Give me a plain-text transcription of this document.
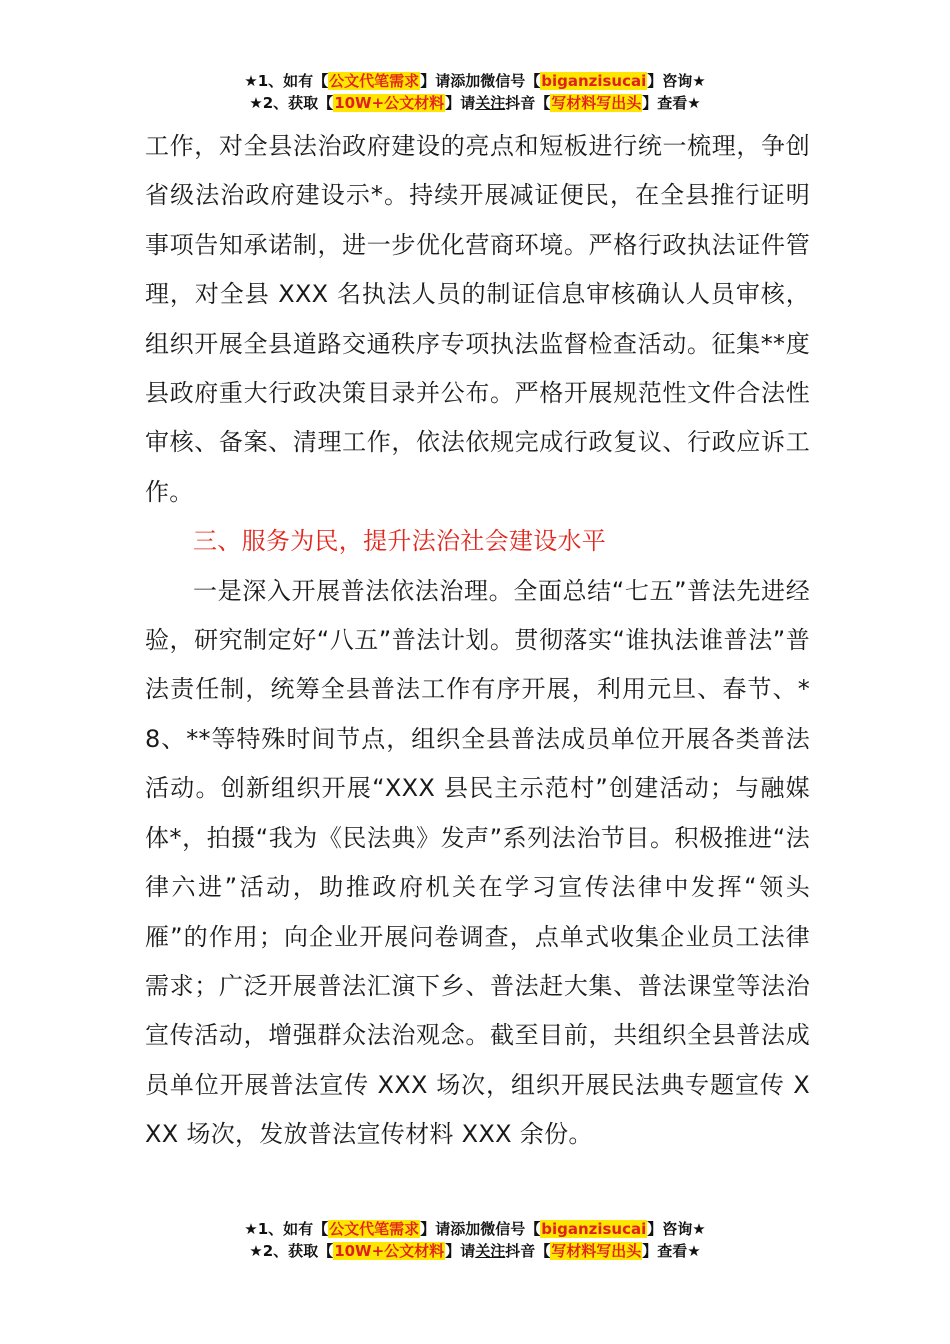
★1、如有【公文代笔需求】请添加微信号【biganzisucai】咨询★
★2、获取【10W+公文材料】请关注抖音【写材料写出头】查看★

工作，对全县法治政府建设的亮点和短板进行统一梳理，争创省级法治政府建设示*。持续开展减证便民，在全县推行证明事项告知承诺制，进一步优化营商环境。严格行政执法证件管理，对全县 XXX 名执法人员的制证信息审核确认人员审核，组织开展全县道路交通秩序专项执法监督检查活动。征集**度县政府重大行政决策目录并公布。严格开展规范性文件合法性审核、备案、清理工作，依法依规完成行政复议、行政应诉工作。

三、服务为民，提升法治社会建设水平

一是深入开展普法依法治理。全面总结“七五”普法先进经验，研究制定好“八五”普法计划。贯彻落实“谁执法谁普法”普法责任制，统筹全县普法工作有序开展，利用元旦、春节、*8、**等特殊时间节点，组织全县普法成员单位开展各类普法活动。创新组织开展“XXX 县民主示范村”创建活动；与融媒体*，拍摄“我为《民法典》发声”系列法治节目。积极推进“法律六进”活动，助推政府机关在学习宣传法律中发挥“领头雁”的作用；向企业开展问卷调查，点单式收集企业员工法律需求；广泛开展普法汇演下乡、普法赶大集、普法课堂等法治宣传活动，增强群众法治观念。截至目前，共组织全县普法成员单位开展普法宣传 XXX 场次，组织开展民法典专题宣传 XXX 场次，发放普法宣传材料 XXX 余份。

★1、如有【公文代笔需求】请添加微信号【biganzisucai】咨询★
★2、获取【10W+公文材料】请关注抖音【写材料写出头】查看★
